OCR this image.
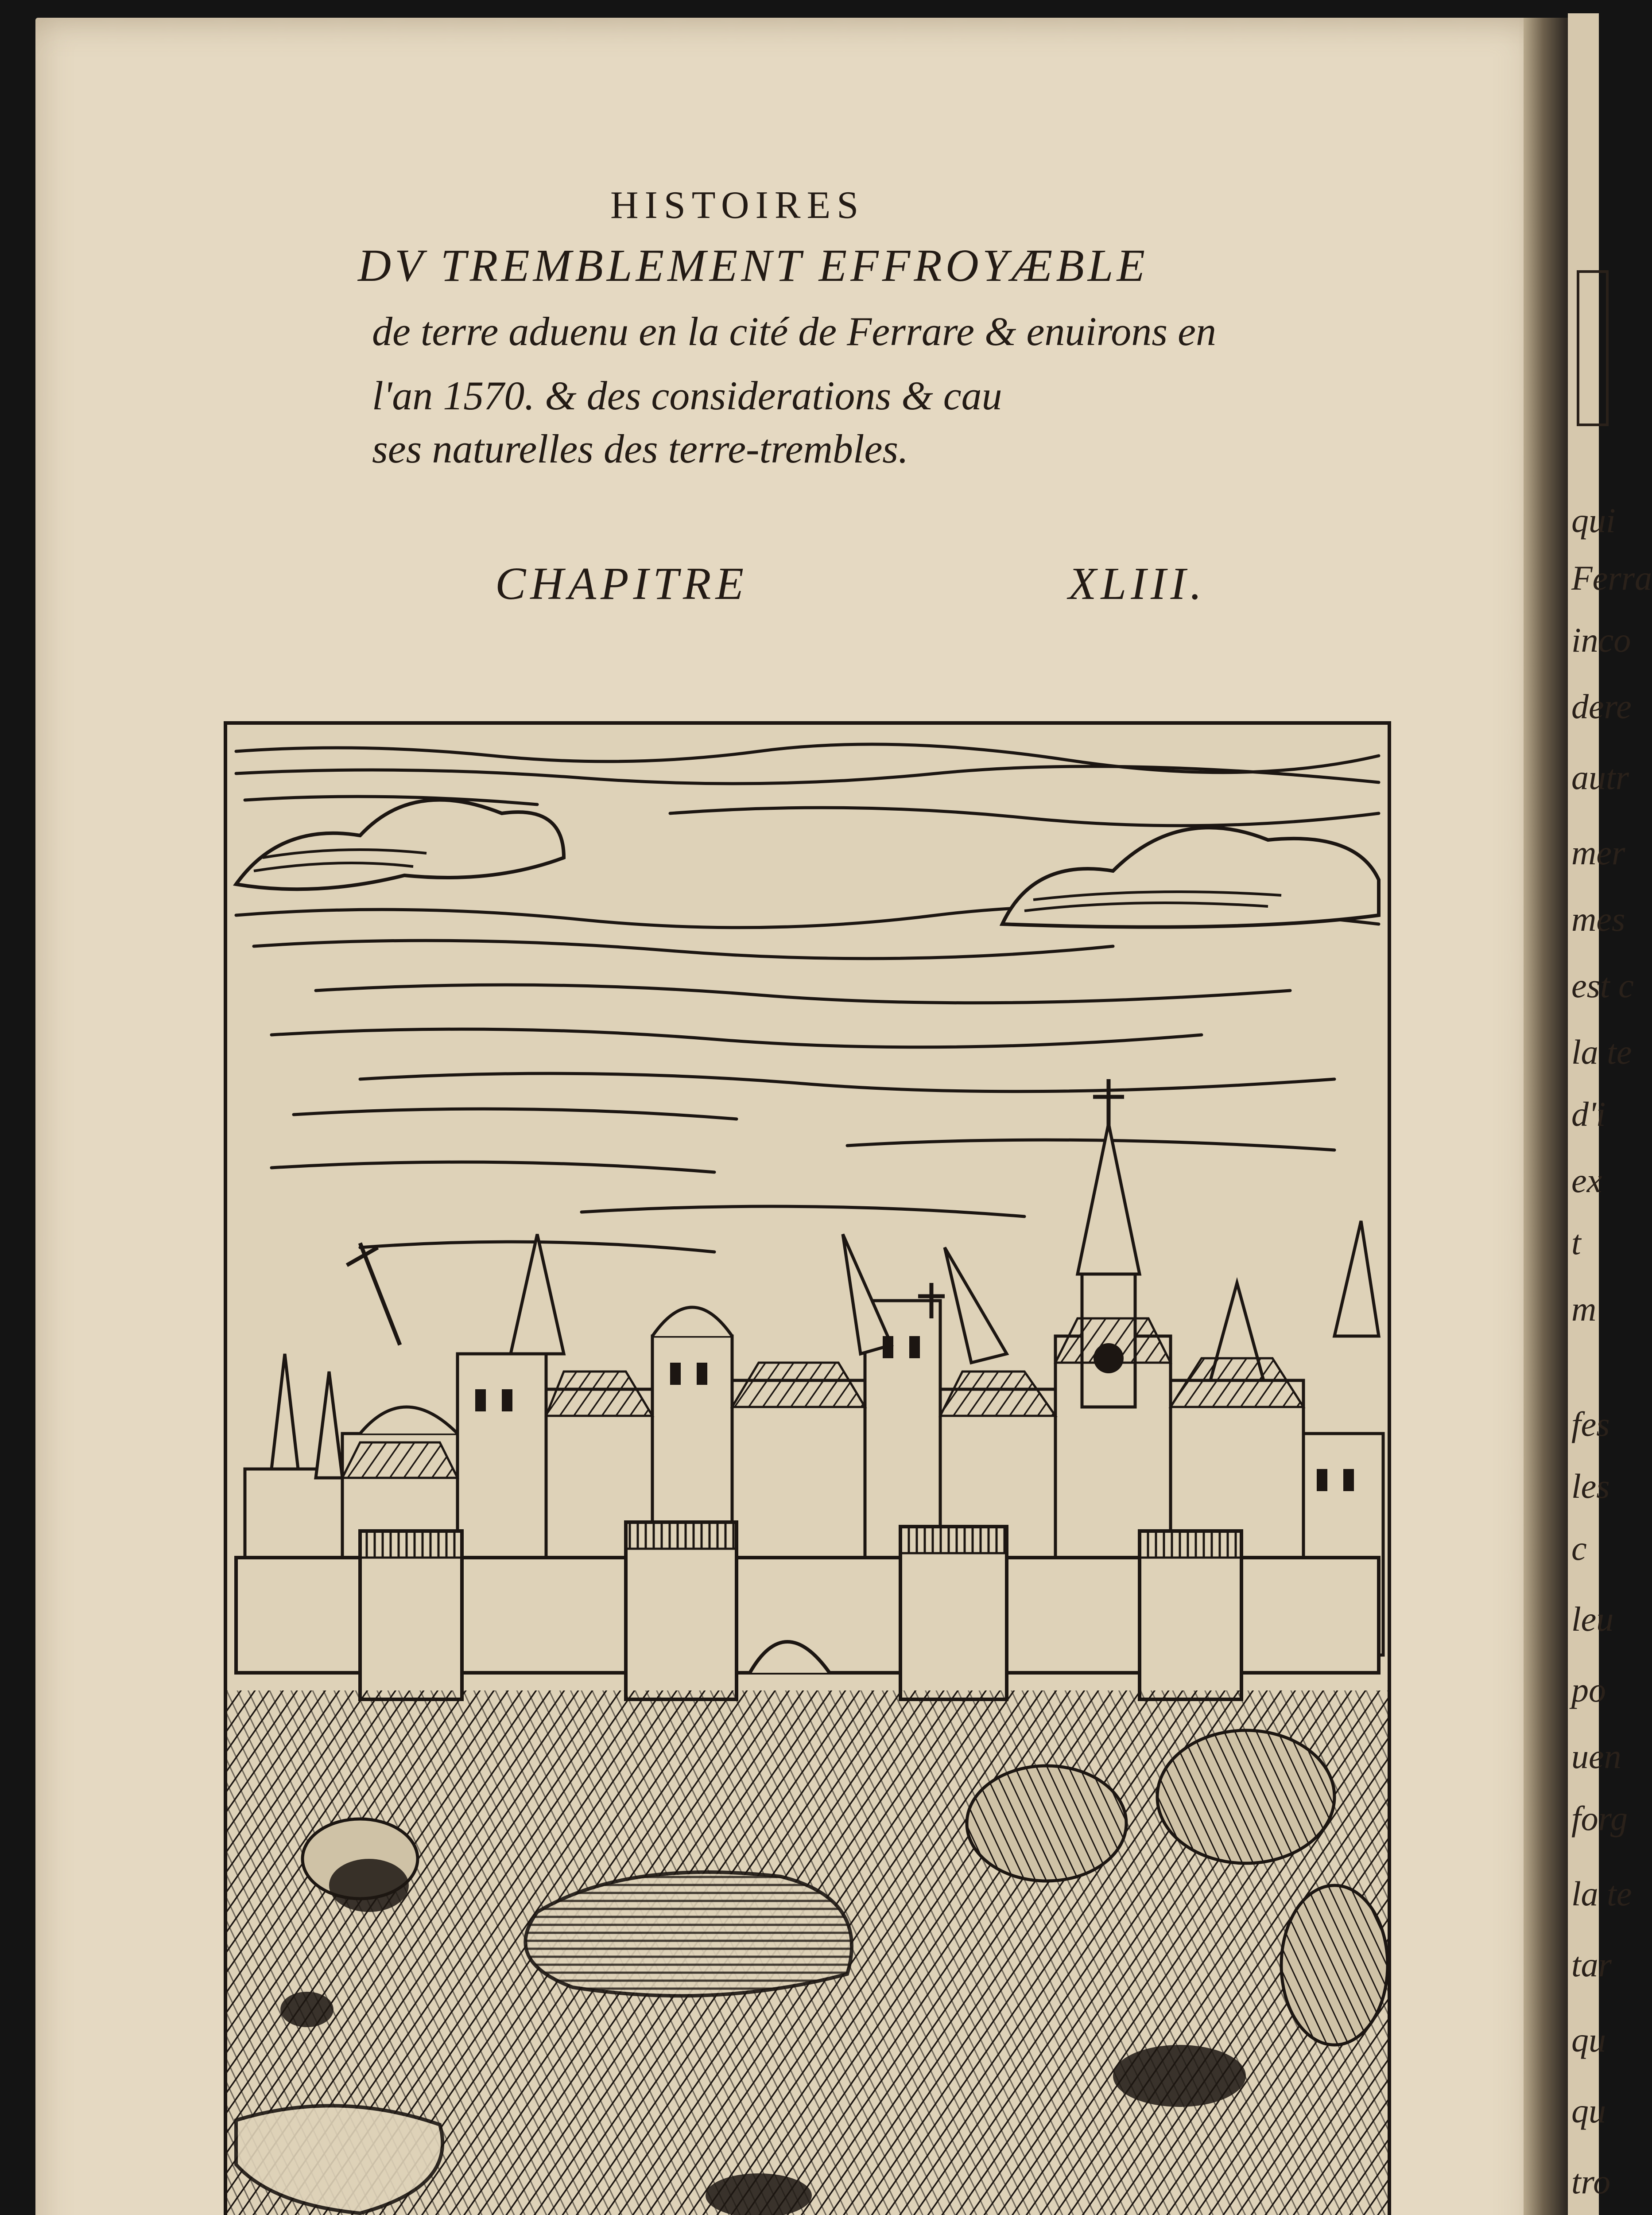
qui
Ferra
inco
dere
autr
mer
mes
est c
la te
d'i
ex
t
m
fes
les
c
leu
po
uen
forg
la te
tar
qu
qu
tro
HISTOIRES
DV TREMBLEMENT EFFROYÆBLE
de terre aduenu en la cité de Ferrare & enuirons en
l'an 1570. & des considerations & cau
ses naturelles des terre-trembles.
CHAPITRE	XLIII.
